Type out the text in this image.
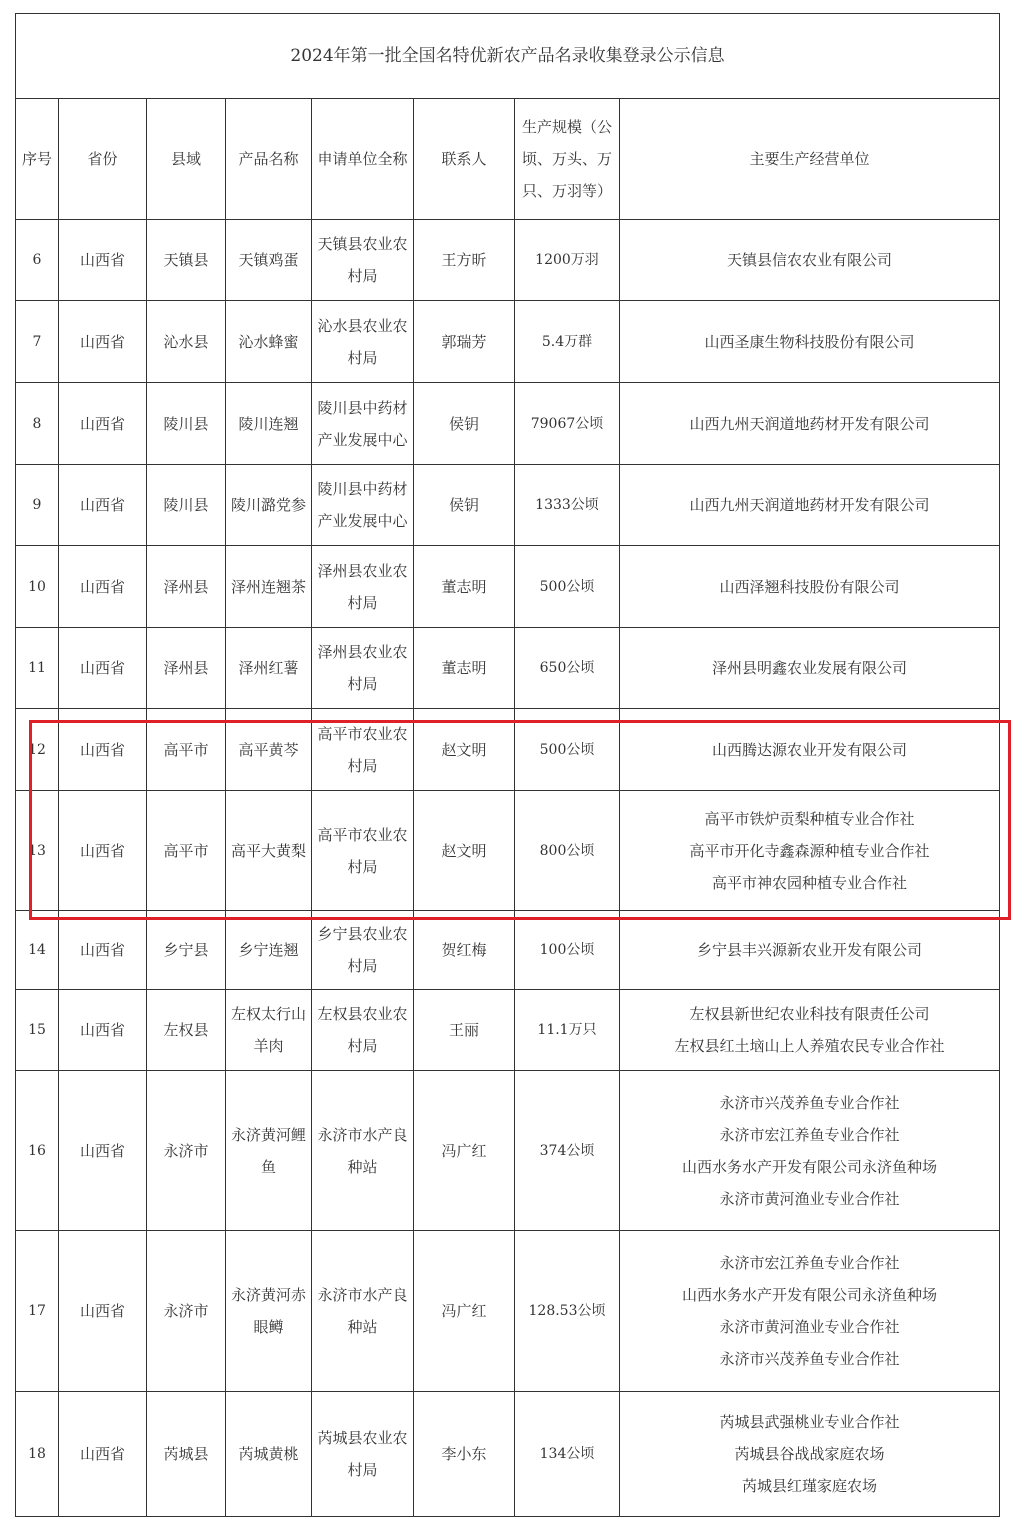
2024年第一批全国名特优新农产品名录收集登录公示信息							
序号	省份	县域	产品名称	申请单位全称	联系人	生产规模（公顷、万头、万只、万羽等）	主要生产经营单位
6	山西省	天镇县	天镇鸡蛋	天镇县农业农村局	王方昕	1200万羽	天镇县信农农业有限公司

7	山西省	沁水县	沁水蜂蜜	沁水县农业农村局	郭瑞芳	5.4万群	山西圣康生物科技股份有限公司

8	山西省	陵川县	陵川连翘	陵川县中药材产业发展中心	侯钥	79067公顷	山西九州天润道地药材开发有限公司

9	山西省	陵川县	陵川潞党参	陵川县中药材产业发展中心	侯钥	1333公顷	山西九州天润道地药材开发有限公司

10	山西省	泽州县	泽州连翘茶	泽州县农业农村局	董志明	500公顷	山西泽翘科技股份有限公司

11	山西省	泽州县	泽州红薯	泽州县农业农村局	董志明	650公顷	泽州县明鑫农业发展有限公司

12	山西省	高平市	高平黄芩	高平市农业农村局	赵文明	500公顷	山西腾达源农业开发有限公司

13	山西省	高平市	高平大黄梨	高平市农业农村局	赵文明	800公顷	高平市铁炉贡梨种植专业合作社
高平市开化寺鑫森源种植专业合作社
高平市神农园种植专业合作社

14	山西省	乡宁县	乡宁连翘	乡宁县农业农村局	贺红梅	100公顷	乡宁县丰兴源新农业开发有限公司

15	山西省	左权县	左权太行山羊肉	左权县农业农村局	王丽	11.1万只	左权县新世纪农业科技有限责任公司
左权县红土垴山上人养殖农民专业合作社

16	山西省	永济市	永济黄河鲤鱼	永济市水产良种站	冯广红	374公顷	永济市兴茂养鱼专业合作社
永济市宏江养鱼专业合作社
山西水务水产开发有限公司永济鱼种场
永济市黄河渔业专业合作社

17	山西省	永济市	永济黄河赤眼鳟	永济市水产良种站	冯广红	128.53公顷	永济市宏江养鱼专业合作社
山西水务水产开发有限公司永济鱼种场
永济市黄河渔业专业合作社
永济市兴茂养鱼专业合作社

18	山西省	芮城县	芮城黄桃	芮城县农业农村局	李小东	134公顷	芮城县武强桃业专业合作社
芮城县谷战战家庭农场
芮城县红瑾家庭农场
